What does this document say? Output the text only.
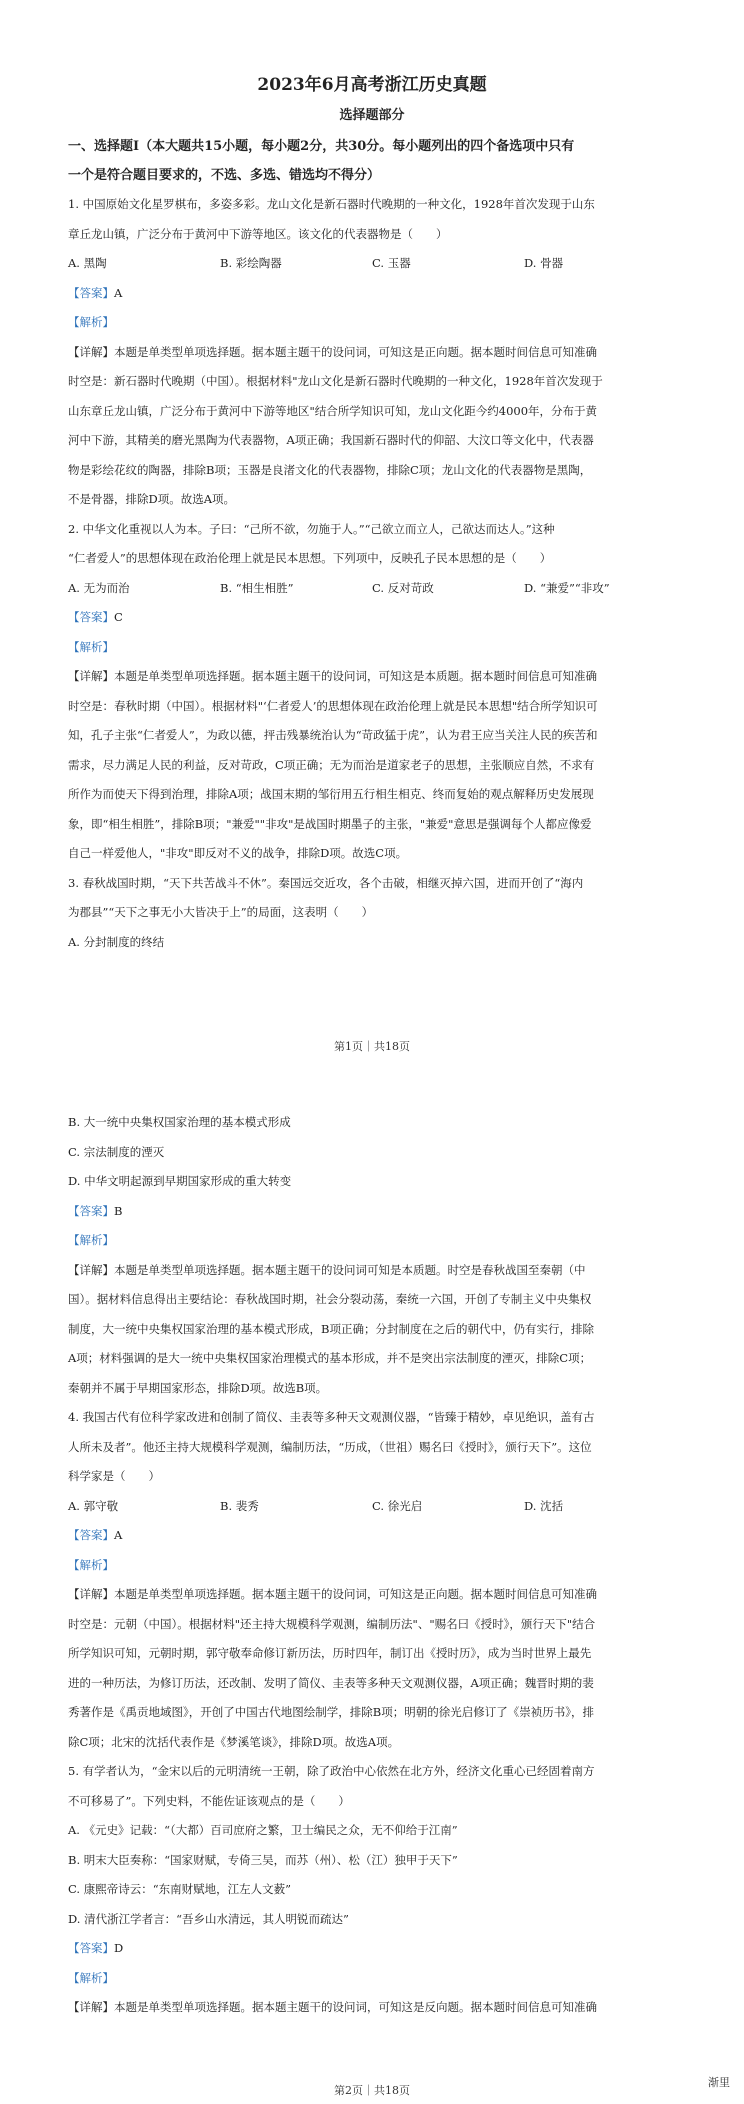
2023年6月高考浙江历史真题
选择题部分
一、选择题Ⅰ（本大题共15小题，每小题2分，共30分。每小题列出的四个备选项中只有
一个是符合题目要求的，不选、多选、错选均不得分）

1. 中国原始文化星罗棋布，多姿多彩。龙山文化是新石器时代晚期的一种文化，1928年首次发现于山东

章丘龙山镇，广泛分布于黄河中下游等地区。该文化的代表器物是（　　）

A. 黑陶	B. 彩绘陶器	C. 玉器	D. 骨器

【答案】A

【解析】

【详解】本题是单类型单项选择题。据本题主题干的设问词，可知这是正向题。据本题时间信息可知准确

时空是：新石器时代晚期（中国）。根据材料"龙山文化是新石器时代晚期的一种文化，1928年首次发现于

山东章丘龙山镇，广泛分布于黄河中下游等地区"结合所学知识可知，龙山文化距今约4000年，分布于黄

河中下游，其精美的磨光黑陶为代表器物，A项正确；我国新石器时代的仰韶、大汶口等文化中，代表器

物是彩绘花纹的陶器，排除B项；玉器是良渚文化的代表器物，排除C项；龙山文化的代表器物是黑陶，

不是骨器，排除D项。故选A项。

2. 中华文化重视以人为本。子曰：“己所不欲，勿施于人。”“己欲立而立人，己欲达而达人。”这种

“仁者爱人”的思想体现在政治伦理上就是民本思想。下列项中，反映孔子民本思想的是（　　）

A. 无为而治	B. “相生相胜”	C. 反对苛政	D. “兼爱”“非攻”

【答案】C

【解析】

【详解】本题是单类型单项选择题。据本题主题干的设问词，可知这是本质题。据本题时间信息可知准确

时空是：春秋时期（中国）。根据材料"‘仁者爱人’的思想体现在政治伦理上就是民本思想"结合所学知识可

知，孔子主张“仁者爱人”，为政以德，抨击残暴统治认为“苛政猛于虎”，认为君王应当关注人民的疾苦和

需求，尽力满足人民的利益，反对苛政，C项正确；无为而治是道家老子的思想，主张顺应自然，不求有

所作为而使天下得到治理，排除A项；战国末期的邹衍用五行相生相克、终而复始的观点解释历史发展现

象，即“相生相胜”，排除B项；"兼爱""非攻"是战国时期墨子的主张，"兼爱"意思是强调每个人都应像爱

自己一样爱他人，"非攻"即反对不义的战争，排除D项。故选C项。

3. 春秋战国时期，“天下共苦战斗不休”。秦国远交近攻，各个击破，相继灭掉六国，进而开创了“海内

为郡县”“天下之事无小大皆决于上”的局面，这表明（　　）

A. 分封制度的终结

第1页｜共18页

B. 大一统中央集权国家治理的基本模式形成

C. 宗法制度的湮灭

D. 中华文明起源到早期国家形成的重大转变

【答案】B

【解析】

【详解】本题是单类型单项选择题。据本题主题干的设问词可知是本质题。时空是春秋战国至秦朝（中

国）。据材料信息得出主要结论：春秋战国时期，社会分裂动荡，秦统一六国，开创了专制主义中央集权

制度，大一统中央集权国家治理的基本模式形成，B项正确；分封制度在之后的朝代中，仍有实行，排除

A项；材料强调的是大一统中央集权国家治理模式的基本形成，并不是突出宗法制度的湮灭，排除C项；

秦朝并不属于早期国家形态，排除D项。故选B项。

4. 我国古代有位科学家改进和创制了简仪、圭表等多种天文观测仪器，“皆臻于精妙，卓见绝识，盖有古

人所未及者”。他还主持大规模科学观测，编制历法，“历成，（世祖）赐名曰《授时》，颁行天下”。这位

科学家是（　　）

A. 郭守敬	B. 裴秀	C. 徐光启	D. 沈括

【答案】A

【解析】

【详解】本题是单类型单项选择题。据本题主题干的设问词，可知这是正向题。据本题时间信息可知准确

时空是：元朝（中国）。根据材料"还主持大规模科学观测，编制历法"、"赐名曰《授时》，颁行天下"结合

所学知识可知，元朝时期，郭守敬奉命修订新历法，历时四年，制订出《授时历》，成为当时世界上最先

进的一种历法，为修订历法，还改制、发明了简仪、圭表等多种天文观测仪器，A项正确；魏晋时期的裴

秀著作是《禹贡地域图》，开创了中国古代地图绘制学，排除B项；明朝的徐光启修订了《崇祯历书》，排

除C项；北宋的沈括代表作是《梦溪笔谈》，排除D项。故选A项。

5. 有学者认为，“金宋以后的元明清统一王朝，除了政治中心依然在北方外，经济文化重心已经固着南方

不可移易了”。下列史料，不能佐证该观点的是（　　）

A. 《元史》记载：“（大都）百司庶府之繁，卫士编民之众，无不仰给于江南”

B. 明末大臣奏称：“国家财赋，专倚三吴，而苏（州）、松（江）独甲于天下”

C. 康熙帝诗云：“东南财赋地，江左人文薮”

D. 清代浙江学者言：“吾乡山水清远，其人明锐而疏达”

【答案】D

【解析】

【详解】本题是单类型单项选择题。据本题主题干的设问词，可知这是反向题。据本题时间信息可知准确

渐里
第2页｜共18页
